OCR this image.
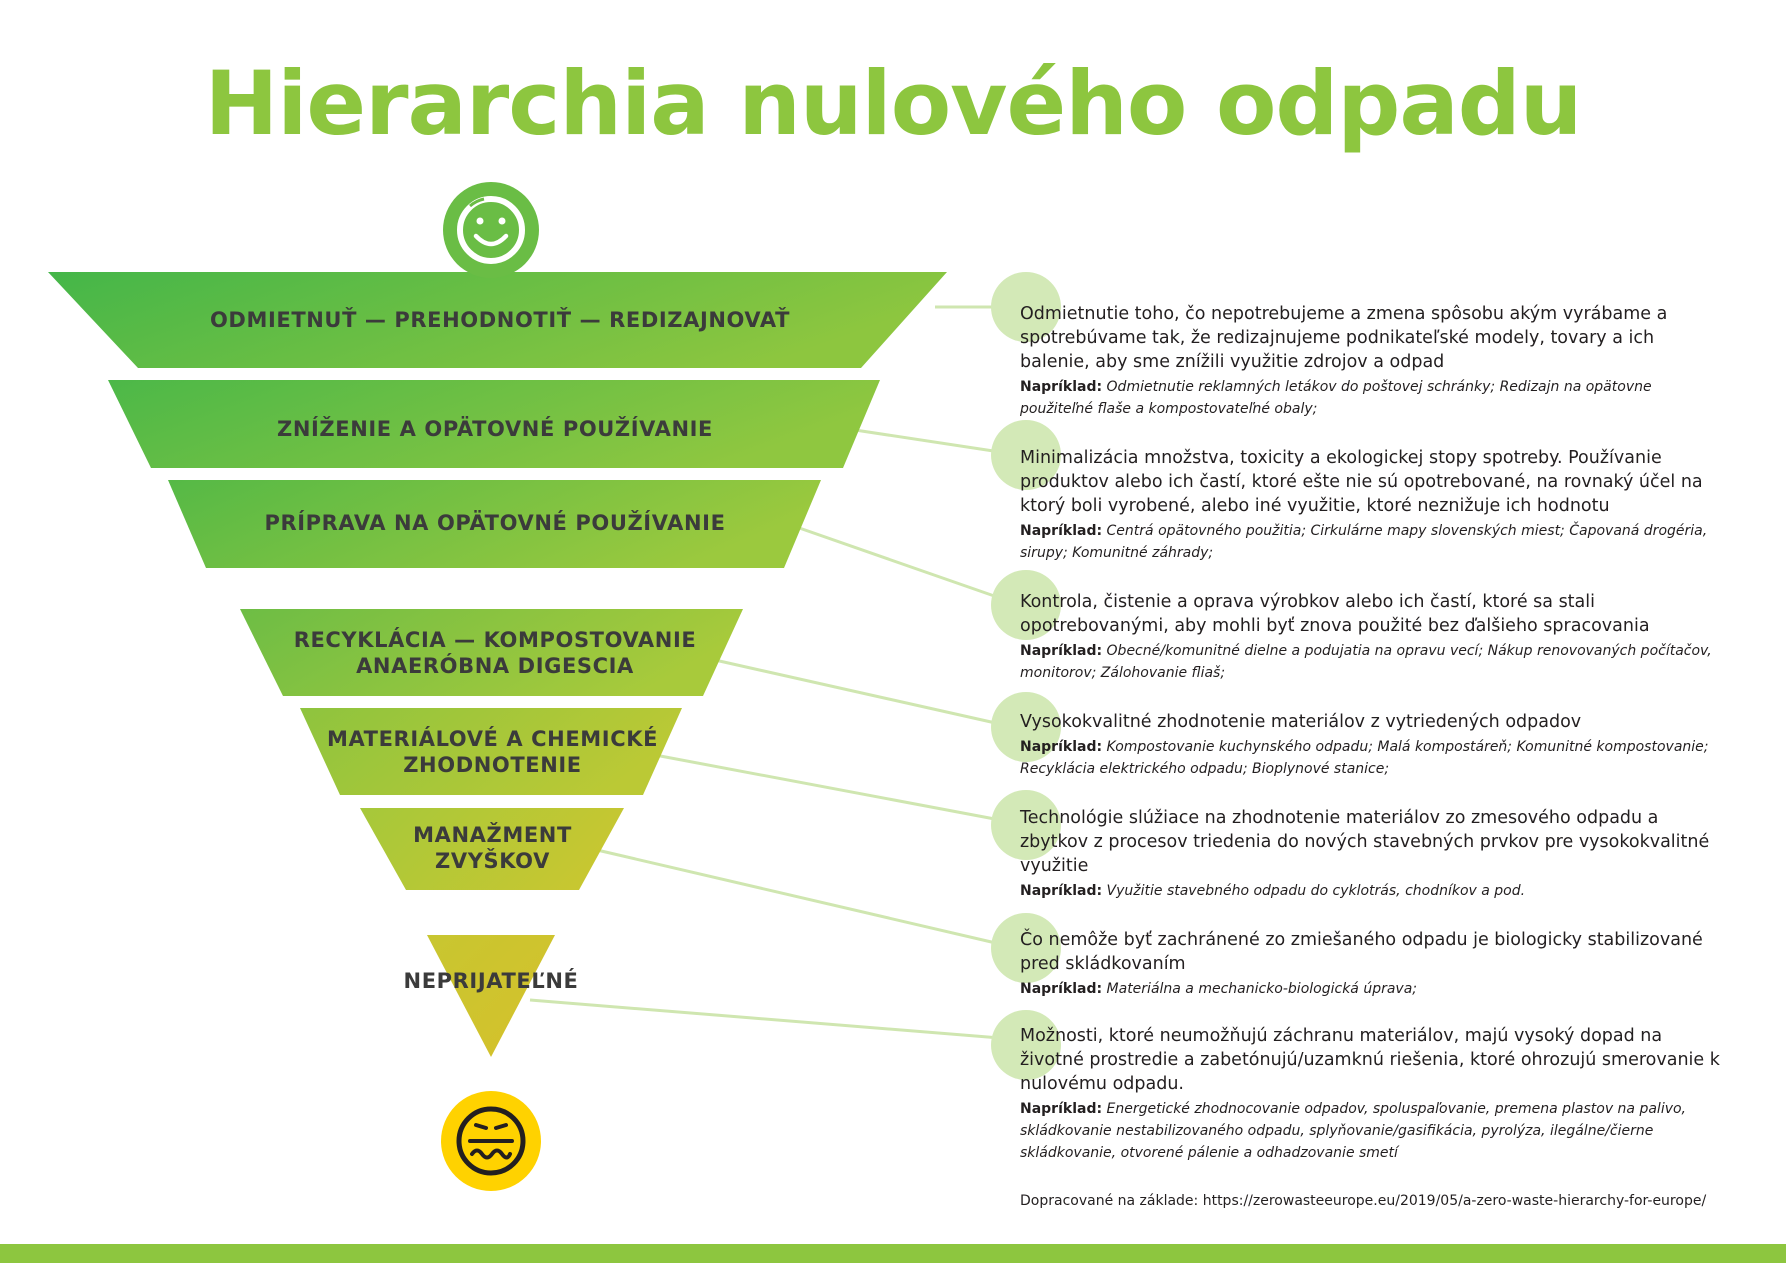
Hierarchia nulového odpadu
ODMIETNUŤ — PREHODNOTIŤ — REDIZAJNOVAŤ
ZNÍŽENIE A OPÄTOVNÉ POUŽÍVANIE
PRÍPRAVA NA OPÄTOVNÉ POUŽÍVANIE
RECYKLÁCIA — KOMPOSTOVANIE
ANAERÓBNA DIGESCIA
MATERIÁLOVÉ A CHEMICKÉ
ZHODNOTENIE
MANAŽMENT
ZVYŠKOV
NEPRIJATEĽNÉ

Odmietnutie toho, čo nepotrebujeme a zmena spôsobu akým vyrábame a spotrebúvame tak, že redizajnujeme podnikateľské modely, tovary a ich balenie, aby sme znížili využitie zdrojov a odpad

Napríklad: Odmietnutie reklamných letákov do poštovej schránky; Redizajn na opätovne použiteľné flaše a kompostovateľné obaly;

Minimalizácia množstva, toxicity a ekologickej stopy spotreby. Používanie produktov alebo ich častí, ktoré ešte nie sú opotrebované, na rovnaký účel na ktorý boli vyrobené, alebo iné využitie, ktoré neznižuje ich hodnotu

Napríklad: Centrá opätovného použitia; Cirkulárne mapy slovenských miest; Čapovaná drogéria, sirupy; Komunitné záhrady;

Kontrola, čistenie a oprava výrobkov alebo ich častí, ktoré sa stali opotrebovanými, aby mohli byť znova použité bez ďalšieho spracovania

Napríklad: Obecné/komunitné dielne a podujatia na opravu vecí; Nákup renovovaných počítačov, monitorov; Zálohovanie fliaš;

Vysokokvalitné zhodnotenie materiálov z vytriedených odpadov

Napríklad: Kompostovanie kuchynského odpadu; Malá kompostáreň; Komunitné kompostovanie; Recyklácia elektrického odpadu; Bioplynové stanice;

Technológie slúžiace na zhodnotenie materiálov zo zmesového odpadu a zbytkov z procesov triedenia do nových stavebných prvkov pre vysokokvalitné využitie

Napríklad: Využitie stavebného odpadu do cyklotrás, chodníkov a pod.

Čo nemôže byť zachránené zo zmiešaného odpadu je biologicky stabilizované pred skládkovaním

Napríklad: Materiálna a mechanicko-biologická úprava;

Možnosti, ktoré neumožňujú záchranu materiálov, majú vysoký dopad na životné prostredie a zabetónujú/uzamknú riešenia, ktoré ohrozujú smerovanie k nulovému odpadu.

Napríklad: Energetické zhodnocovanie odpadov, spoluspaľovanie, premena plastov na palivo, skládkovanie nestabilizovaného odpadu, splyňovanie/gasifikácia, pyrolýza, ilegálne/čierne skládkovanie, otvorené pálenie a odhadzovanie smetí

Dopracované na základe: https://zerowasteeurope.eu/2019/05/a-zero-waste-hierarchy-for-europe/
